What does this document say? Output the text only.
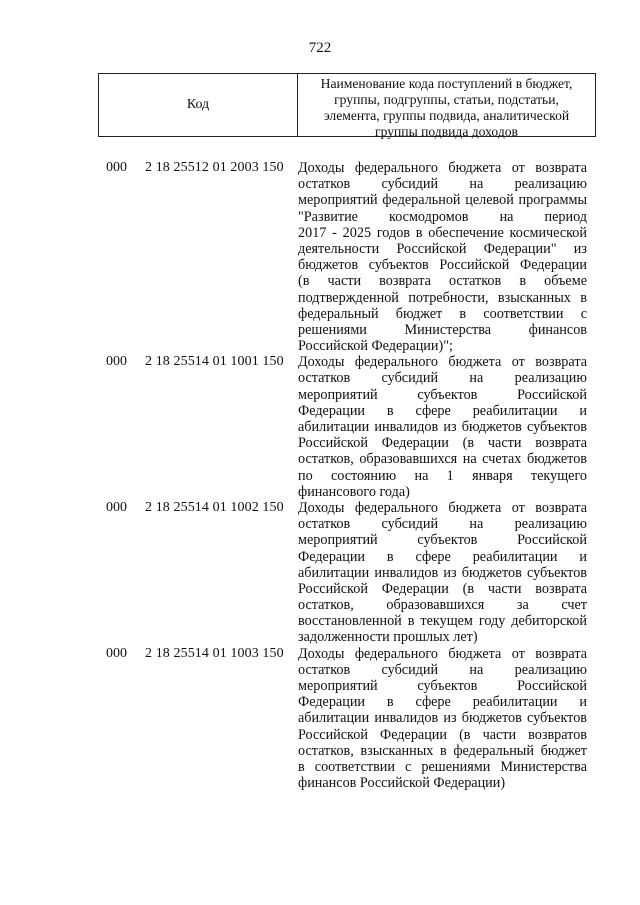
722
Код
Наименование кода поступлений в бюджет,
группы, подгруппы, статьи, подстатьи,
элемента, группы подвида, аналитической
группы подвида доходов
000 2 18 25512 01 2003 150 Доходы федерального бюджета от возврата
остатков субсидий на реализацию
мероприятий федеральной целевой программы
"Развитие космодромов на период
2017 - 2025 годов в обеспечение космической
деятельности Российской Федерации" из
бюджетов субъектов Российской Федерации
(в части возврата остатков в объеме
подтвержденной потребности, взысканных в
федеральный бюджет в соответствии с
решениями Министерства финансов
Российской Федерации)";
000 2 18 25514 01 1001 150 Доходы федерального бюджета от возврата
остатков субсидий на реализацию
мероприятий субъектов Российской
Федерации в сфере реабилитации и
абилитации инвалидов из бюджетов субъектов
Российской Федерации (в части возврата
остатков, образовавшихся на счетах бюджетов
по состоянию на 1 января текущего
финансового года)
000 2 18 25514 01 1002 150 Доходы федерального бюджета от возврата
остатков субсидий на реализацию
мероприятий субъектов Российской
Федерации в сфере реабилитации и
абилитации инвалидов из бюджетов субъектов
Российской Федерации (в части возврата
остатков, образовавшихся за счет
восстановленной в текущем году дебиторской
задолженности прошлых лет)
000 2 18 25514 01 1003 150 Доходы федерального бюджета от возврата
остатков субсидий на реализацию
мероприятий субъектов Российской
Федерации в сфере реабилитации и
абилитации инвалидов из бюджетов субъектов
Российской Федерации (в части возвратов
остатков, взысканных в федеральный бюджет
в соответствии с решениями Министерства
финансов Российской Федерации)
